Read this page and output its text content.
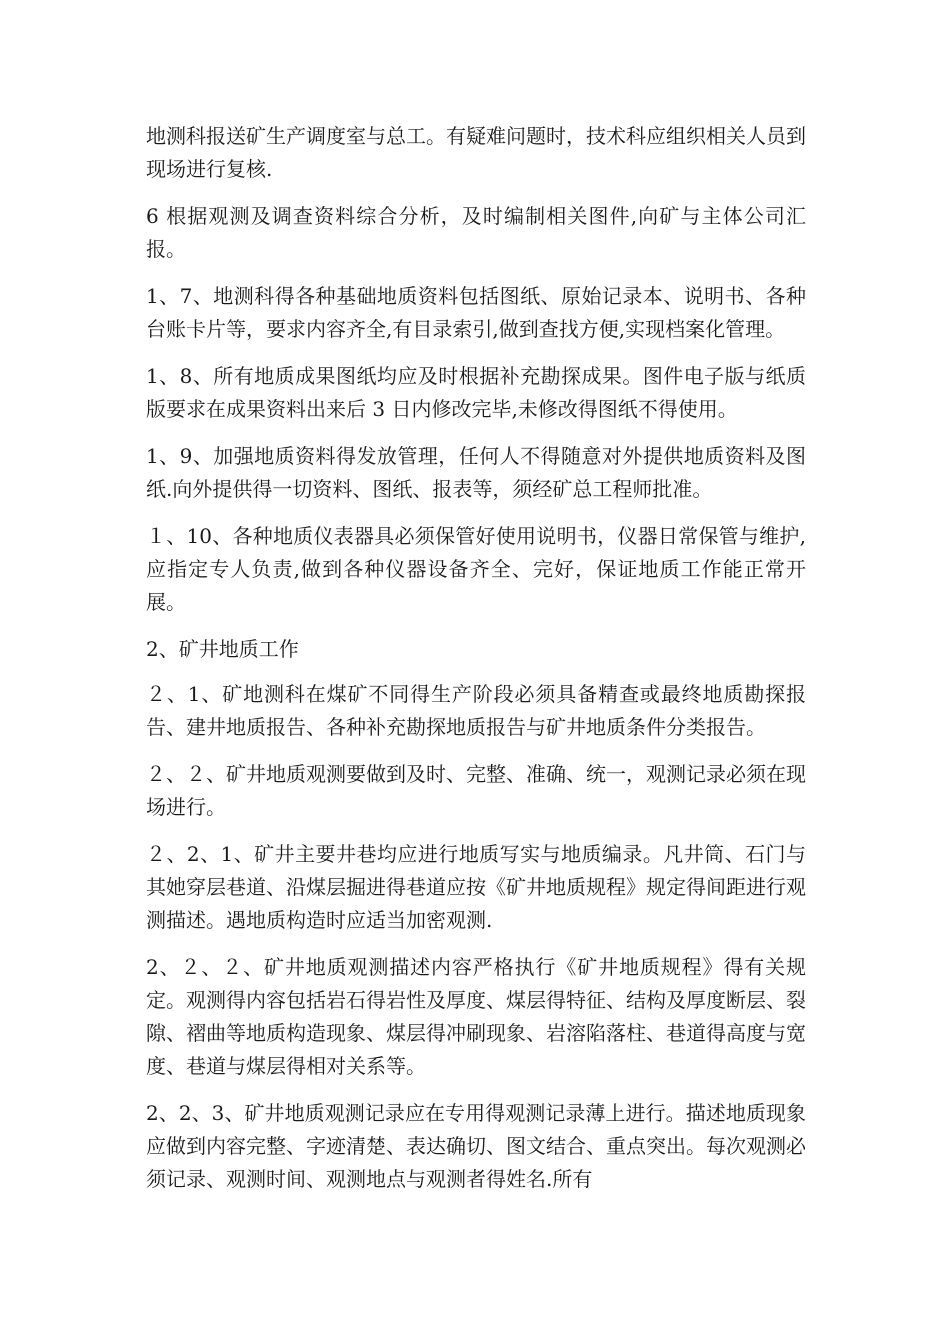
地测科报送矿生产调度室与总工。有疑难问题时，技术科应组织相关人员到现场进行复核.

6 根据观测及调查资料综合分析，及时编制相关图件,向矿与主体公司汇报。

1、7、地测科得各种基础地质资料包括图纸、原始记录本、说明书、各种台账卡片等，要求内容齐全,有目录索引,做到查找方便,实现档案化管理。

1、8、所有地质成果图纸均应及时根据补充勘探成果。图件电子版与纸质版要求在成果资料出来后 3 日内修改完毕,未修改得图纸不得使用。

1、9、加强地质资料得发放管理，任何人不得随意对外提供地质资料及图纸.向外提供得一切资料、图纸、报表等，须经矿总工程师批准。

１、10、各种地质仪表器具必须保管好使用说明书，仪器日常保管与维护,应指定专人负责,做到各种仪器设备齐全、完好，保证地质工作能正常开展。

2、矿井地质工作

２、1、矿地测科在煤矿不同得生产阶段必须具备精查或最终地质勘探报告、建井地质报告、各种补充勘探地质报告与矿井地质条件分类报告。

２、２、矿井地质观测要做到及时、完整、准确、统一，观测记录必须在现场进行。

２、2、1、矿井主要井巷均应进行地质写实与地质编录。凡井筒、石门与其她穿层巷道、沿煤层掘进得巷道应按《矿井地质规程》规定得间距进行观测描述。遇地质构造时应适当加密观测.

2、２、２、矿井地质观测描述内容严格执行《矿井地质规程》得有关规定。观测得内容包括岩石得岩性及厚度、煤层得特征、结构及厚度断层、裂隙、褶曲等地质构造现象、煤层得冲刷现象、岩溶陷落柱、巷道得高度与宽度、巷道与煤层得相对关系等。

2、2、3、矿井地质观测记录应在专用得观测记录薄上进行。描述地质现象应做到内容完整、字迹清楚、表达确切、图文结合、重点突出。每次观测必须记录、观测时间、观测地点与观测者得姓名.所有
